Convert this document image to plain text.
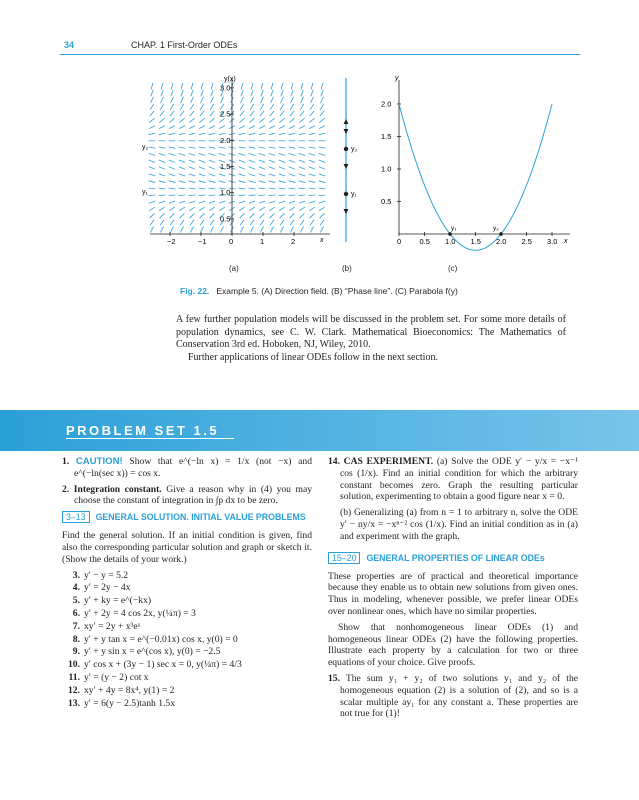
34	CHAP. 1 First-Order ODEs
y(x)
3.0
2.5
2.0
1.5
1.0
0.5
−2	−1	0	1	2	x
y₂
y₁
y₂
y₁
y
0.5
1.0
1.5
2.0
0 0.5 1.0 1.5 2.0 2.5 3.0 x
y₁	y₂
(a)	(b)	(c)
Fig. 22. Example 5. (A) Direction field. (B) “Phase line”. (C) Parabola f(y)

A few further population models will be discussed in the problem set. For some more details of population dynamics, see C. W. Clark. Mathematical Bioeconomics: The Mathematics of Conservation 3rd ed. Hoboken, NJ, Wiley, 2010.

Further applications of linear ODEs follow in the next section.

PROBLEM SET 1.5

1. CAUTION! Show that e^(−ln x) = 1/x (not −x) and e^(−ln(sec x)) = cos x.

2. Integration constant. Give a reason why in (4) you may choose the constant of integration in ∫p dx to be zero.

3–13 GENERAL SOLUTION. INITIAL VALUE PROBLEMS

Find the general solution. If an initial condition is given, find also the corresponding particular solution and graph or sketch it. (Show the details of your work.)

3. y′ − y = 5.2
4. y′ = 2y − 4x
5. y′ + ky = e^(−kx)
6. y′ + 2y = 4 cos 2x, y(¼π) = 3
7. xy′ = 2y + x³eˣ
8. y′ + y tan x = e^(−0.01x) cos x, y(0) = 0
9. y′ + y sin x = e^(cos x), y(0) = −2.5
10. y′ cos x + (3y − 1) sec x = 0, y(¼π) = 4/3
11. y′ = (y − 2) cot x
12. xy′ + 4y = 8x⁴, y(1) = 2
13. y′ = 6(y − 2.5)tanh 1.5x

14. CAS EXPERIMENT. (a) Solve the ODE y′ − y/x = −x⁻¹ cos (1/x). Find an initial condition for which the arbitrary constant becomes zero. Graph the resulting particular solution, experimenting to obtain a good figure near x = 0.

(b) Generalizing (a) from n = 1 to arbitrary n, solve the ODE y′ − ny/x = −xⁿ⁻² cos (1/x). Find an initial condition as in (a) and experiment with the graph.

15–20 GENERAL PROPERTIES OF LINEAR ODEs

These properties are of practical and theoretical importance because they enable us to obtain new solutions from given ones. Thus in modeling, whenever possible, we prefer linear ODEs over nonlinear ones, which have no similar properties.

Show that nonhomogeneous linear ODEs (1) and homogeneous linear ODEs (2) have the following properties. Illustrate each property by a calculation for two or three equations of your choice. Give proofs.

15. The sum y₁ + y₂ of two solutions y₁ and y₂ of the homogeneous equation (2) is a solution of (2), and so is a scalar multiple ay₁ for any constant a. These properties are not true for (1)!
